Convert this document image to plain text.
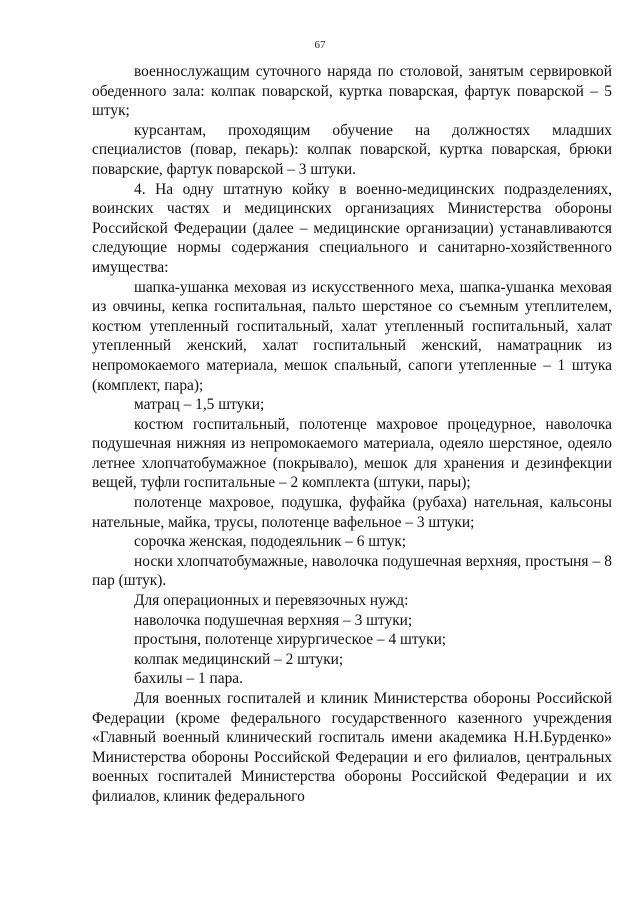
67

военнослужащим суточного наряда по столовой, занятым сервировкой обеденного зала: колпак поварской, куртка поварская, фартук поварской – 5 штук;

курсантам, проходящим обучение на должностях младших специалистов (повар, пекарь): колпак поварской, куртка поварская, брюки поварские, фартук поварской – 3 штуки.

4. На одну штатную койку в военно-медицинских подразделениях, воинских частях и медицинских организациях Министерства обороны Российской Федерации (далее – медицинские организации) устанавливаются следующие нормы содержания специального и санитарно-хозяйственного имущества:

шапка-ушанка меховая из искусственного меха, шапка-ушанка меховая из овчины, кепка госпитальная, пальто шерстяное со съемным утеплителем, костюм утепленный госпитальный, халат утепленный госпитальный, халат утепленный женский, халат госпитальный женский, наматрацник из непромокаемого материала, мешок спальный, сапоги утепленные – 1 штука (комплект, пара);

матрац – 1,5 штуки;

костюм госпитальный, полотенце махровое процедурное, наволочка подушечная нижняя из непромокаемого материала, одеяло шерстяное, одеяло летнее хлопчатобумажное (покрывало), мешок для хранения и дезинфекции вещей, туфли госпитальные – 2 комплекта (штуки, пары);

полотенце махровое, подушка, фуфайка (рубаха) нательная, кальсоны нательные, майка, трусы, полотенце вафельное – 3 штуки;

сорочка женская, пододеяльник – 6 штук;

носки хлопчатобумажные, наволочка подушечная верхняя, простыня – 8 пар (штук).

Для операционных и перевязочных нужд:

наволочка подушечная верхняя – 3 штуки;

простыня, полотенце хирургическое – 4 штуки;

колпак медицинский – 2 штуки;

бахилы – 1 пара.

Для военных госпиталей и клиник Министерства обороны Российской Федерации (кроме федерального государственного казенного учреждения «Главный военный клинический госпиталь имени академика Н.Н.Бурденко» Министерства обороны Российской Федерации и его филиалов, центральных военных госпиталей Министерства обороны Российской Федерации и их филиалов, клиник федерального
